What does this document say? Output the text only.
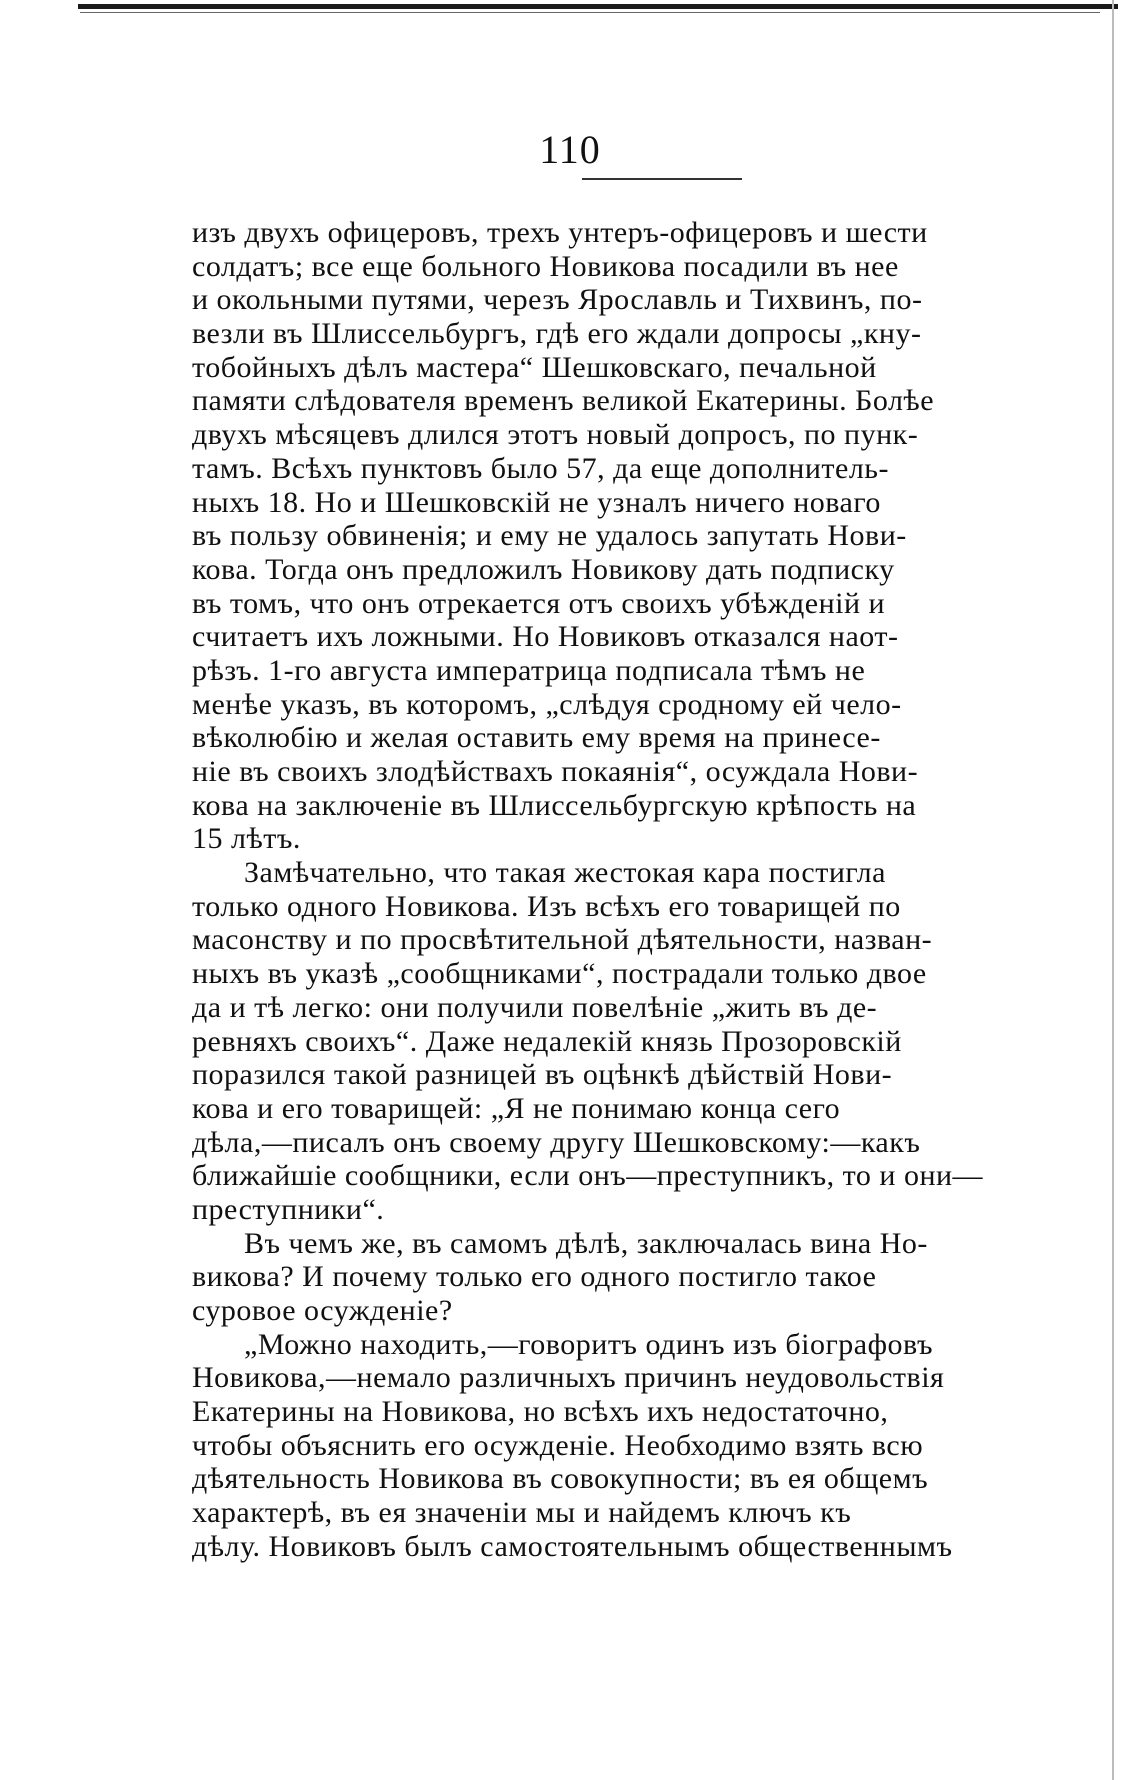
110
изъ двухъ офицеровъ, трехъ унтеръ-офицеровъ и шести
солдатъ; все еще больного Новикова посадили въ нее
и окольными путями, черезъ Ярославль и Тихвинъ, по-
везли въ Шлиссельбургъ, гдѣ его ждали допросы „кну-
тобойныхъ дѣлъ мастера“ Шешковскаго, печальной
памяти слѣдователя временъ великой Екатерины. Болѣе
двухъ мѣсяцевъ длился этотъ новый допросъ, по пунк-
тамъ. Всѣхъ пунктовъ было 57, да еще дополнитель-
ныхъ 18. Но и Шешковскій не узналъ ничего новаго
въ пользу обвиненія; и ему не удалось запутать Нови-
кова. Тогда онъ предложилъ Новикову дать подписку
въ томъ, что онъ отрекается отъ своихъ убѣжденій и
считаетъ ихъ ложными. Но Новиковъ отказался наот-
рѣзъ. 1-го августа императрица подписала тѣмъ не
менѣе указъ, въ которомъ, „слѣдуя сродному ей чело-
вѣколюбію и желая оставить ему время на принесе-
ніе въ своихъ злодѣйствахъ покаянія“, осуждала Нови-
кова на заключеніе въ Шлиссельбургскую крѣпость на
15 лѣтъ.
Замѣчательно, что такая жестокая кара постигла
только одного Новикова. Изъ всѣхъ его товарищей по
масонству и по просвѣтительной дѣятельности, назван-
ныхъ въ указѣ „сообщниками“, пострадали только двое
да и тѣ легко: они получили повелѣніе „жить въ де-
ревняхъ своихъ“. Даже недалекій князь Прозоровскій
поразился такой разницей въ оцѣнкѣ дѣйствій Нови-
кова и его товарищей: „Я не понимаю конца сего
дѣла,—писалъ онъ своему другу Шешковскому:—какъ
ближайшіе сообщники, если онъ—преступникъ, то и они—
преступники“.
Въ чемъ же, въ самомъ дѣлѣ, заключалась вина Но-
викова? И почему только его одного постигло такое
суровое осужденіе?
„Можно находить,—говоритъ одинъ изъ біографовъ
Новикова,—немало различныхъ причинъ неудовольствія
Екатерины на Новикова, но всѣхъ ихъ недостаточно,
чтобы объяснить его осужденіе. Необходимо взять всю
дѣятельность Новикова въ совокупности; въ ея общемъ
характерѣ, въ ея значеніи мы и найдемъ ключъ къ
дѣлу. Новиковъ былъ самостоятельнымъ общественнымъ
